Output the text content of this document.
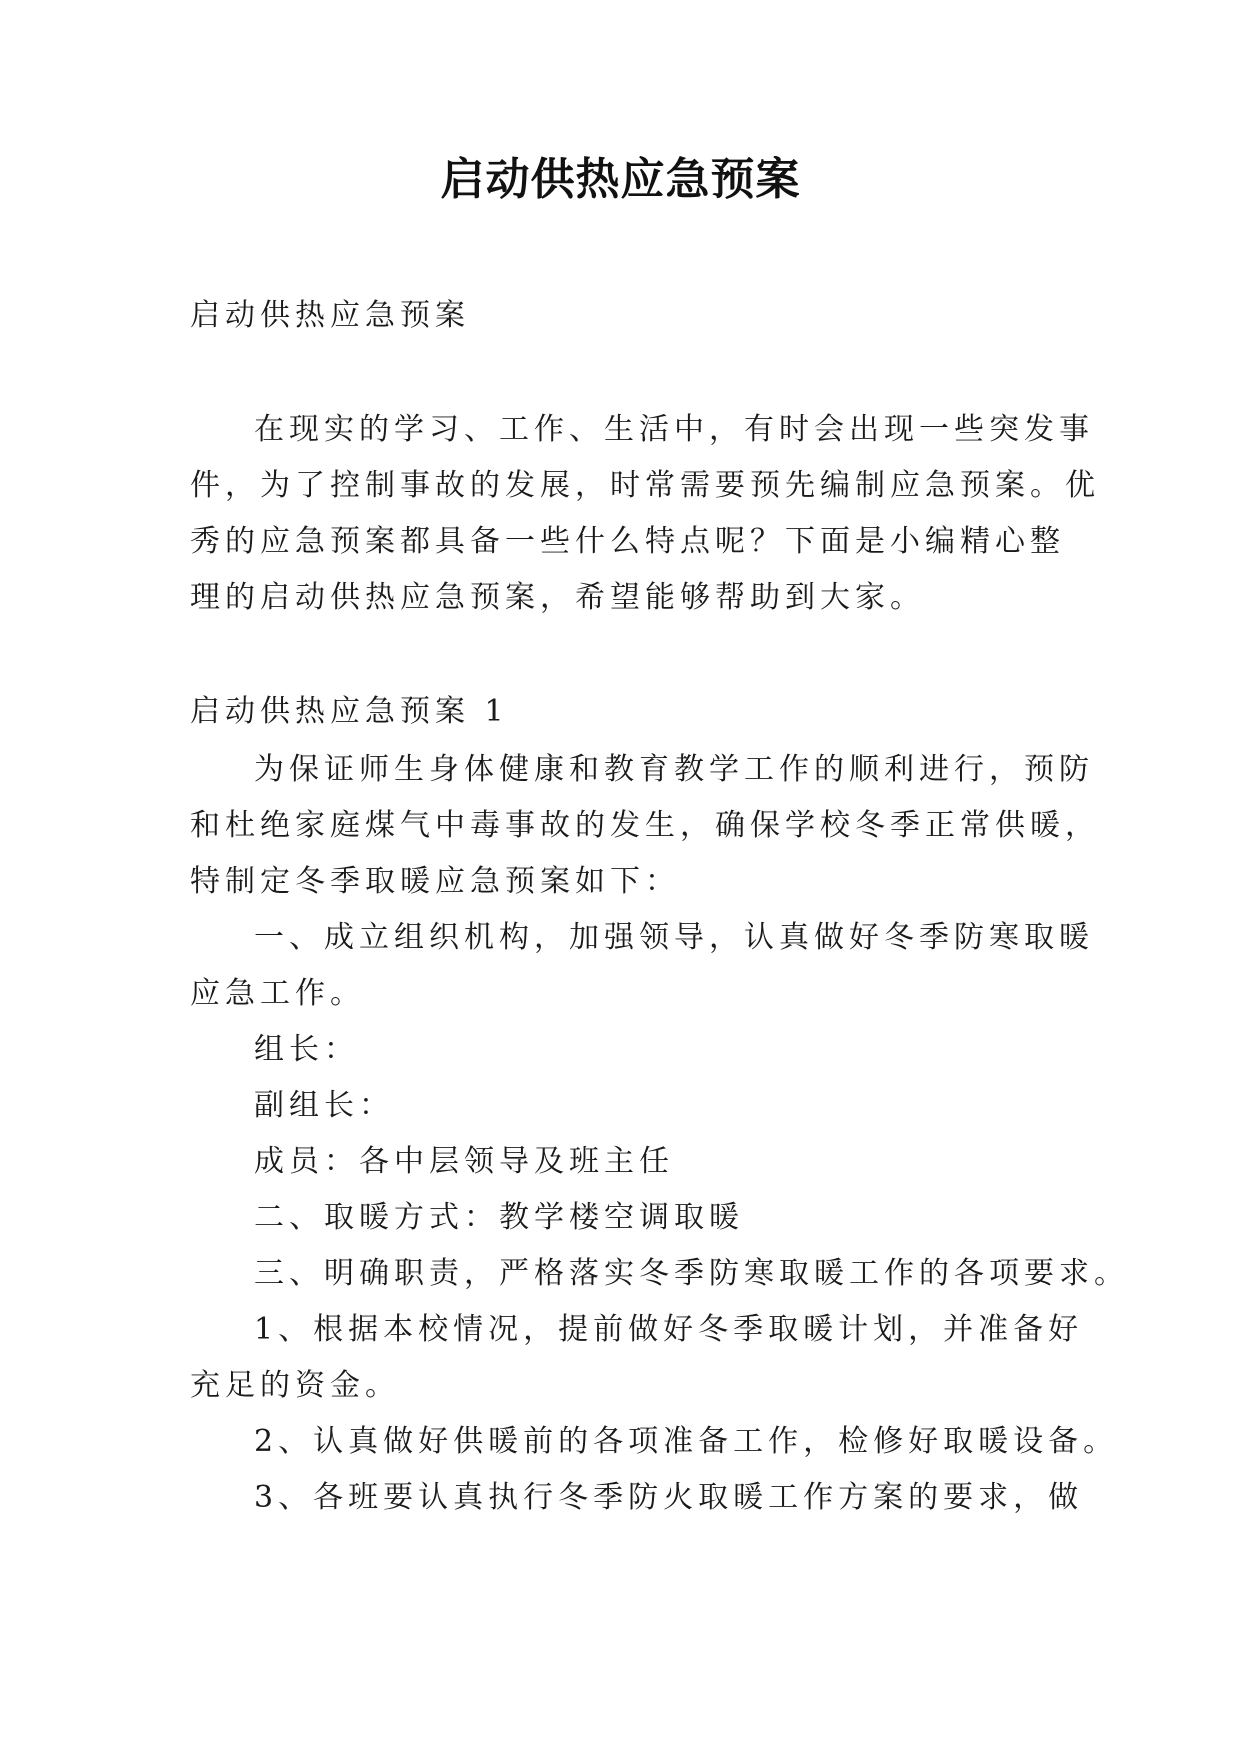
启动供热应急预案
启动供热应急预案
在现实的学习、工作、生活中，有时会出现一些突发事
件，为了控制事故的发展，时常需要预先编制应急预案。优
秀的应急预案都具备一些什么特点呢？下面是小编精心整
理的启动供热应急预案，希望能够帮助到大家。
启动供热应急预案 1
为保证师生身体健康和教育教学工作的顺利进行，预防
和杜绝家庭煤气中毒事故的发生，确保学校冬季正常供暖，
特制定冬季取暖应急预案如下：
一、成立组织机构，加强领导，认真做好冬季防寒取暖
应急工作。
组长：
副组长：
成员：各中层领导及班主任
二、取暖方式：教学楼空调取暖
三、明确职责，严格落实冬季防寒取暖工作的各项要求。
1、根据本校情况，提前做好冬季取暖计划，并准备好
充足的资金。
2、认真做好供暖前的各项准备工作，检修好取暖设备。
3、各班要认真执行冬季防火取暖工作方案的要求，做
